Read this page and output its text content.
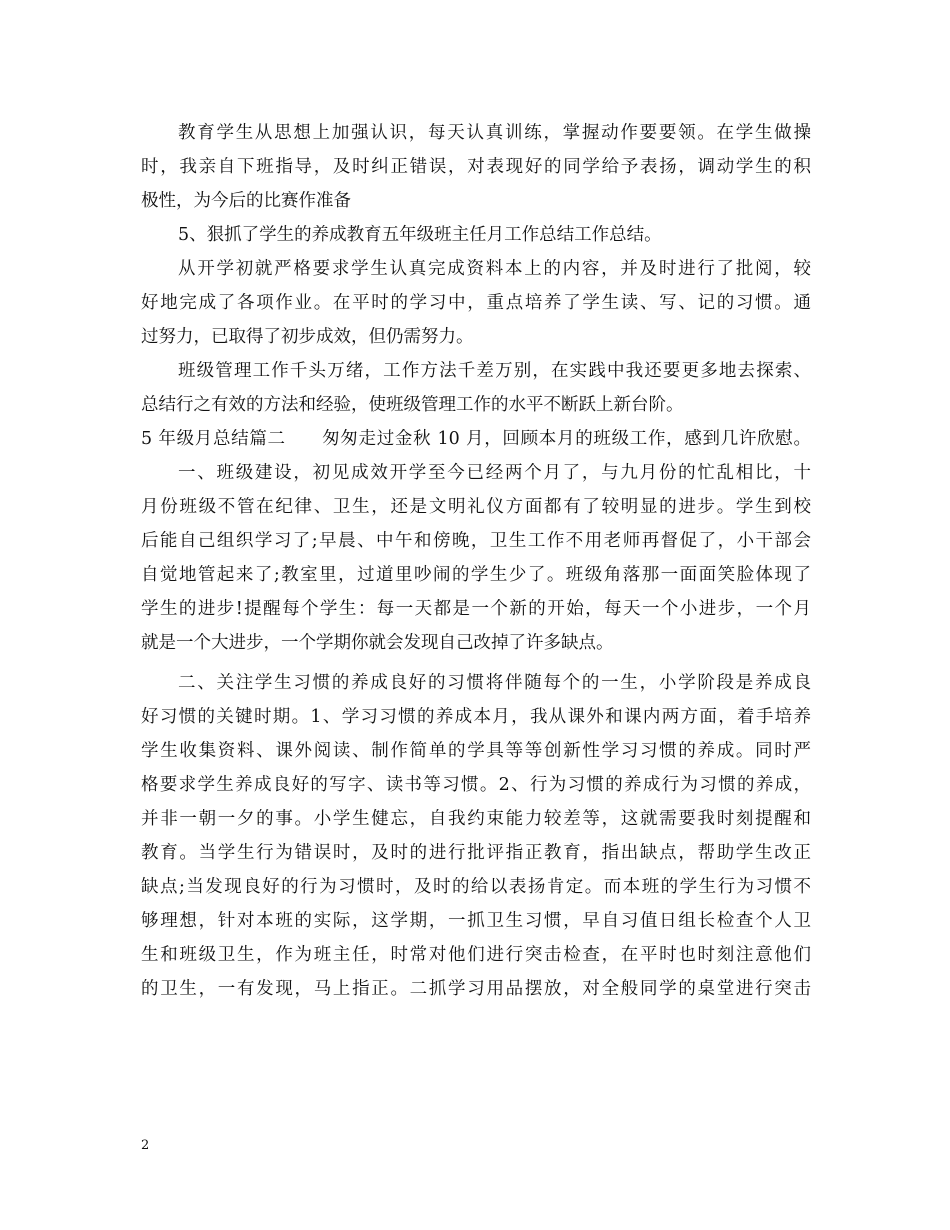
教育学生从思想上加强认识，每天认真训练，掌握动作要要领。在学生做操
时，我亲自下班指导，及时纠正错误，对表现好的同学给予表扬，调动学生的积
极性，为今后的比赛作准备
5、狠抓了学生的养成教育五年级班主任月工作总结工作总结。
从开学初就严格要求学生认真完成资料本上的内容，并及时进行了批阅，较
好地完成了各项作业。在平时的学习中，重点培养了学生读、写、记的习惯。通
过努力，已取得了初步成效，但仍需努力。
班级管理工作千头万绪，工作方法千差万别，在实践中我还要更多地去探索、
总结行之有效的方法和经验，使班级管理工作的水平不断跃上新台阶。
5 年级月总结篇二　　匆匆走过金秋 10 月，回顾本月的班级工作，感到几许欣慰。
一、班级建设，初见成效开学至今已经两个月了，与九月份的忙乱相比，十
月份班级不管在纪律、卫生，还是文明礼仪方面都有了较明显的进步。学生到校
后能自己组织学习了;早晨、中午和傍晚，卫生工作不用老师再督促了，小干部会
自觉地管起来了;教室里，过道里吵闹的学生少了。班级角落那一面面笑脸体现了
学生的进步!提醒每个学生：每一天都是一个新的开始，每天一个小进步，一个月
就是一个大进步，一个学期你就会发现自己改掉了许多缺点。
二、关注学生习惯的养成良好的习惯将伴随每个的一生，小学阶段是养成良
好习惯的关键时期。1、学习习惯的养成本月，我从课外和课内两方面，着手培养
学生收集资料、课外阅读、制作简单的学具等等创新性学习习惯的养成。同时严
格要求学生养成良好的写字、读书等习惯。2、行为习惯的养成行为习惯的养成，
并非一朝一夕的事。小学生健忘，自我约束能力较差等，这就需要我时刻提醒和
教育。当学生行为错误时，及时的进行批评指正教育，指出缺点，帮助学生改正
缺点;当发现良好的行为习惯时，及时的给以表扬肯定。而本班的学生行为习惯不
够理想，针对本班的实际，这学期，一抓卫生习惯，早自习值日组长检查个人卫
生和班级卫生，作为班主任，时常对他们进行突击检查，在平时也时刻注意他们
的卫生，一有发现，马上指正。二抓学习用品摆放，对全般同学的桌堂进行突击
2
